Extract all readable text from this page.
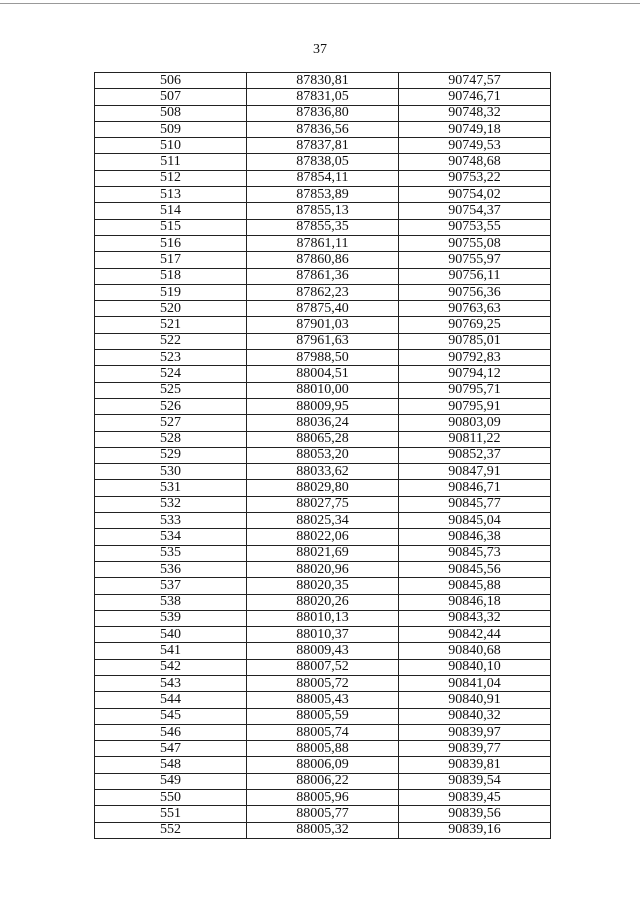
37
506	87830,81	90747,57
507	87831,05	90746,71
508	87836,80	90748,32
509	87836,56	90749,18
510	87837,81	90749,53
511	87838,05	90748,68
512	87854,11	90753,22
513	87853,89	90754,02
514	87855,13	90754,37
515	87855,35	90753,55
516	87861,11	90755,08
517	87860,86	90755,97
518	87861,36	90756,11
519	87862,23	90756,36
520	87875,40	90763,63
521	87901,03	90769,25
522	87961,63	90785,01
523	87988,50	90792,83
524	88004,51	90794,12
525	88010,00	90795,71
526	88009,95	90795,91
527	88036,24	90803,09
528	88065,28	90811,22
529	88053,20	90852,37
530	88033,62	90847,91
531	88029,80	90846,71
532	88027,75	90845,77
533	88025,34	90845,04
534	88022,06	90846,38
535	88021,69	90845,73
536	88020,96	90845,56
537	88020,35	90845,88
538	88020,26	90846,18
539	88010,13	90843,32
540	88010,37	90842,44
541	88009,43	90840,68
542	88007,52	90840,10
543	88005,72	90841,04
544	88005,43	90840,91
545	88005,59	90840,32
546	88005,74	90839,97
547	88005,88	90839,77
548	88006,09	90839,81
549	88006,22	90839,54
550	88005,96	90839,45
551	88005,77	90839,56
552	88005,32	90839,16
